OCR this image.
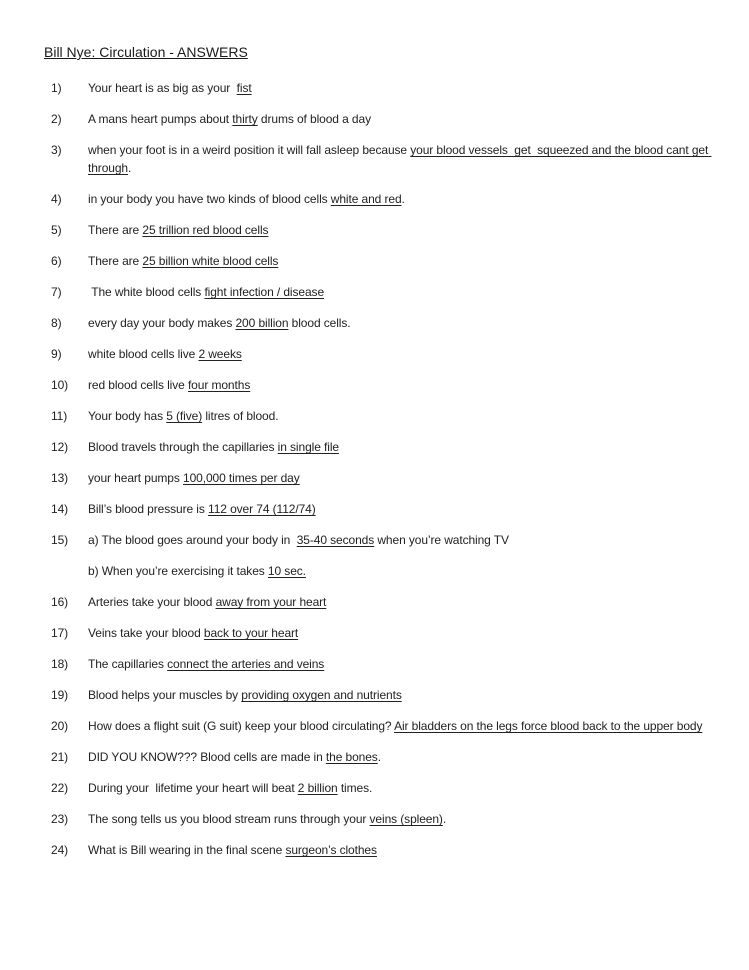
Bill Nye: Circulation - ANSWERS
1)	Your heart is as big as your  fist
2)	A mans heart pumps about thirty drums of blood a day
3)	when your foot is in a weird position it will fall asleep because your blood vessels  get  squeezed and the blood cant get through.
4)	in your body you have two kinds of blood cells white and red.
5)	There are 25 trillion red blood cells
6)	There are 25 billion white blood cells
7)	The white blood cells fight infection / disease
8)	every day your body makes 200 billion blood cells.
9)	white blood cells live 2 weeks
10)	red blood cells live four months
11)	Your body has 5 (five) litres of blood.
12)	Blood travels through the capillaries in single file
13)	your heart pumps 100,000 times per day
14)	Bill’s blood pressure is 112 over 74 (112/74)
15)	a) The blood goes around your body in  35-40 seconds when you’re watching TV
b) When you’re exercising it takes 10 sec.
16)	Arteries take your blood away from your heart
17)	Veins take your blood back to your heart
18)	The capillaries connect the arteries and veins
19)	Blood helps your muscles by providing oxygen and nutrients
20)	How does a flight suit (G suit) keep your blood circulating? Air bladders on the legs force blood back to the upper body
21)	DID YOU KNOW??? Blood cells are made in the bones.
22)	During your  lifetime your heart will beat 2 billion times.
23)	The song tells us you blood stream runs through your veins (spleen).
24)	What is Bill wearing in the final scene surgeon’s clothes
